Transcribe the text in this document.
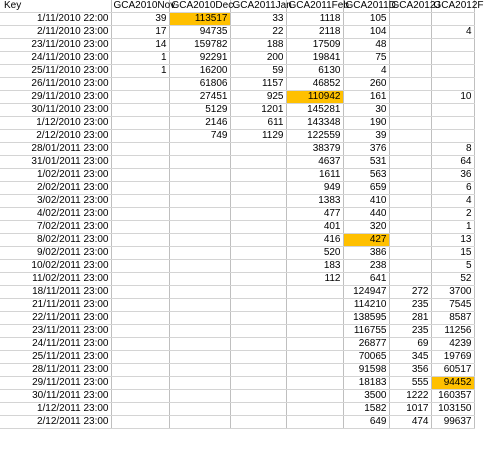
Key	GCA2010Nov	GCA2010Dec	GCA2011Jan	GCA2011Feb	GCA2011D	GCA2012J	GCA2012F
1/11/2010 22:00	39	113517	33	1118	105		
2/11/2010 23:00	17	94735	22	2118	104		4
23/11/2010 23:00	14	159782	188	17509	48		
24/11/2010 23:00	1	92291	200	19841	75		
25/11/2010 23:00	1	16200	59	6130	4		
26/11/2010 23:00		61806	1157	46852	260		
29/11/2010 23:00		27451	925	110942	161		10
30/11/2010 23:00		5129	1201	145281	30		
1/12/2010 23:00		2146	611	143348	190		
2/12/2010 23:00		749	1129	122559	39		
28/01/2011 23:00				38379	376		8
31/01/2011 23:00				4637	531		64
1/02/2011 23:00				1611	563		36
2/02/2011 23:00				949	659		6
3/02/2011 23:00				1383	410		4
4/02/2011 23:00				477	440		2
7/02/2011 23:00				401	320		1
8/02/2011 23:00				416	427		13
9/02/2011 23:00				520	386		15
10/02/2011 23:00				183	238		5
11/02/2011 23:00				112	641		52
18/11/2011 23:00					124947	272	3700
21/11/2011 23:00					114210	235	7545
22/11/2011 23:00					138595	281	8587
23/11/2011 23:00					116755	235	11256
24/11/2011 23:00					26877	69	4239
25/11/2011 23:00					70065	345	19769
28/11/2011 23:00					91598	356	60517
29/11/2011 23:00					18183	555	94452
30/11/2011 23:00					3500	1222	160357
1/12/2011 23:00					1582	1017	103150
2/12/2011 23:00					649	474	99637
